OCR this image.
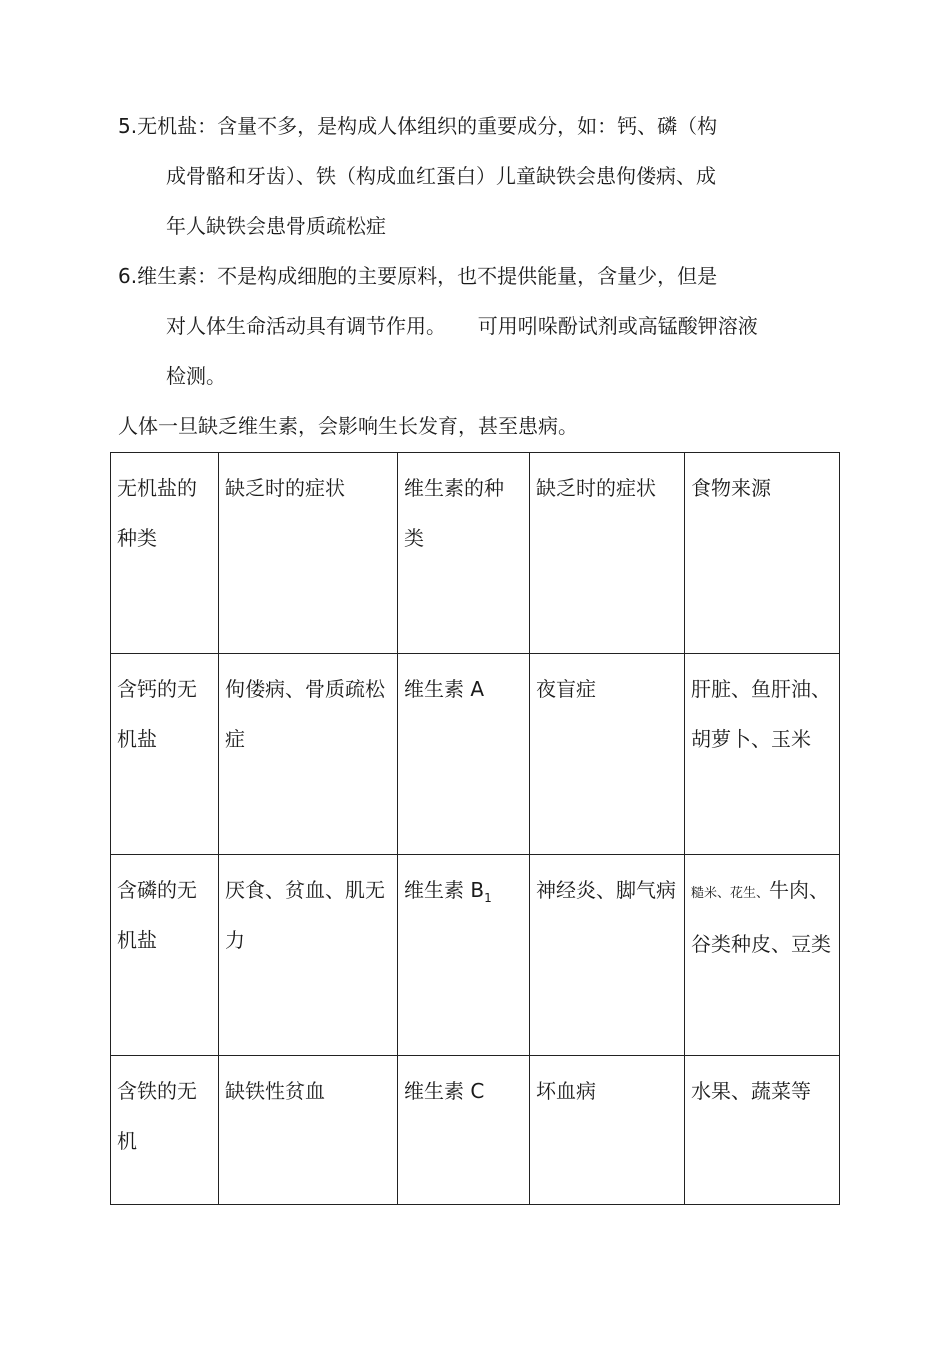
5.无机盐：含量不多，是构成人体组织的重要成分，如：钙、磷（构
成骨骼和牙齿）、铁（构成血红蛋白）儿童缺铁会患佝偻病、成
年人缺铁会患骨质疏松症
6.维生素：不是构成细胞的主要原料，也不提供能量，含量少，但是
对人体生命活动具有调节作用。     可用吲哚酚试剂或高锰酸钾溶液
检测。
人体一旦缺乏维生素，会影响生长发育，甚至患病。
无机盐的种类	缺乏时的症状	维生素的种类	缺乏时的症状	食物来源

含钙的无机盐	佝偻病、骨质疏松症	维生素 A	夜盲症	肝脏、鱼肝油、胡萝卜、玉米

含磷的无机盐	厌食、贫血、肌无力	维生素 $B_1$	神经炎、脚气病	糙米、花生、牛肉、谷类种皮、豆类

含铁的无机	缺铁性贫血	维生素 C	坏血病	水果、蔬菜等
